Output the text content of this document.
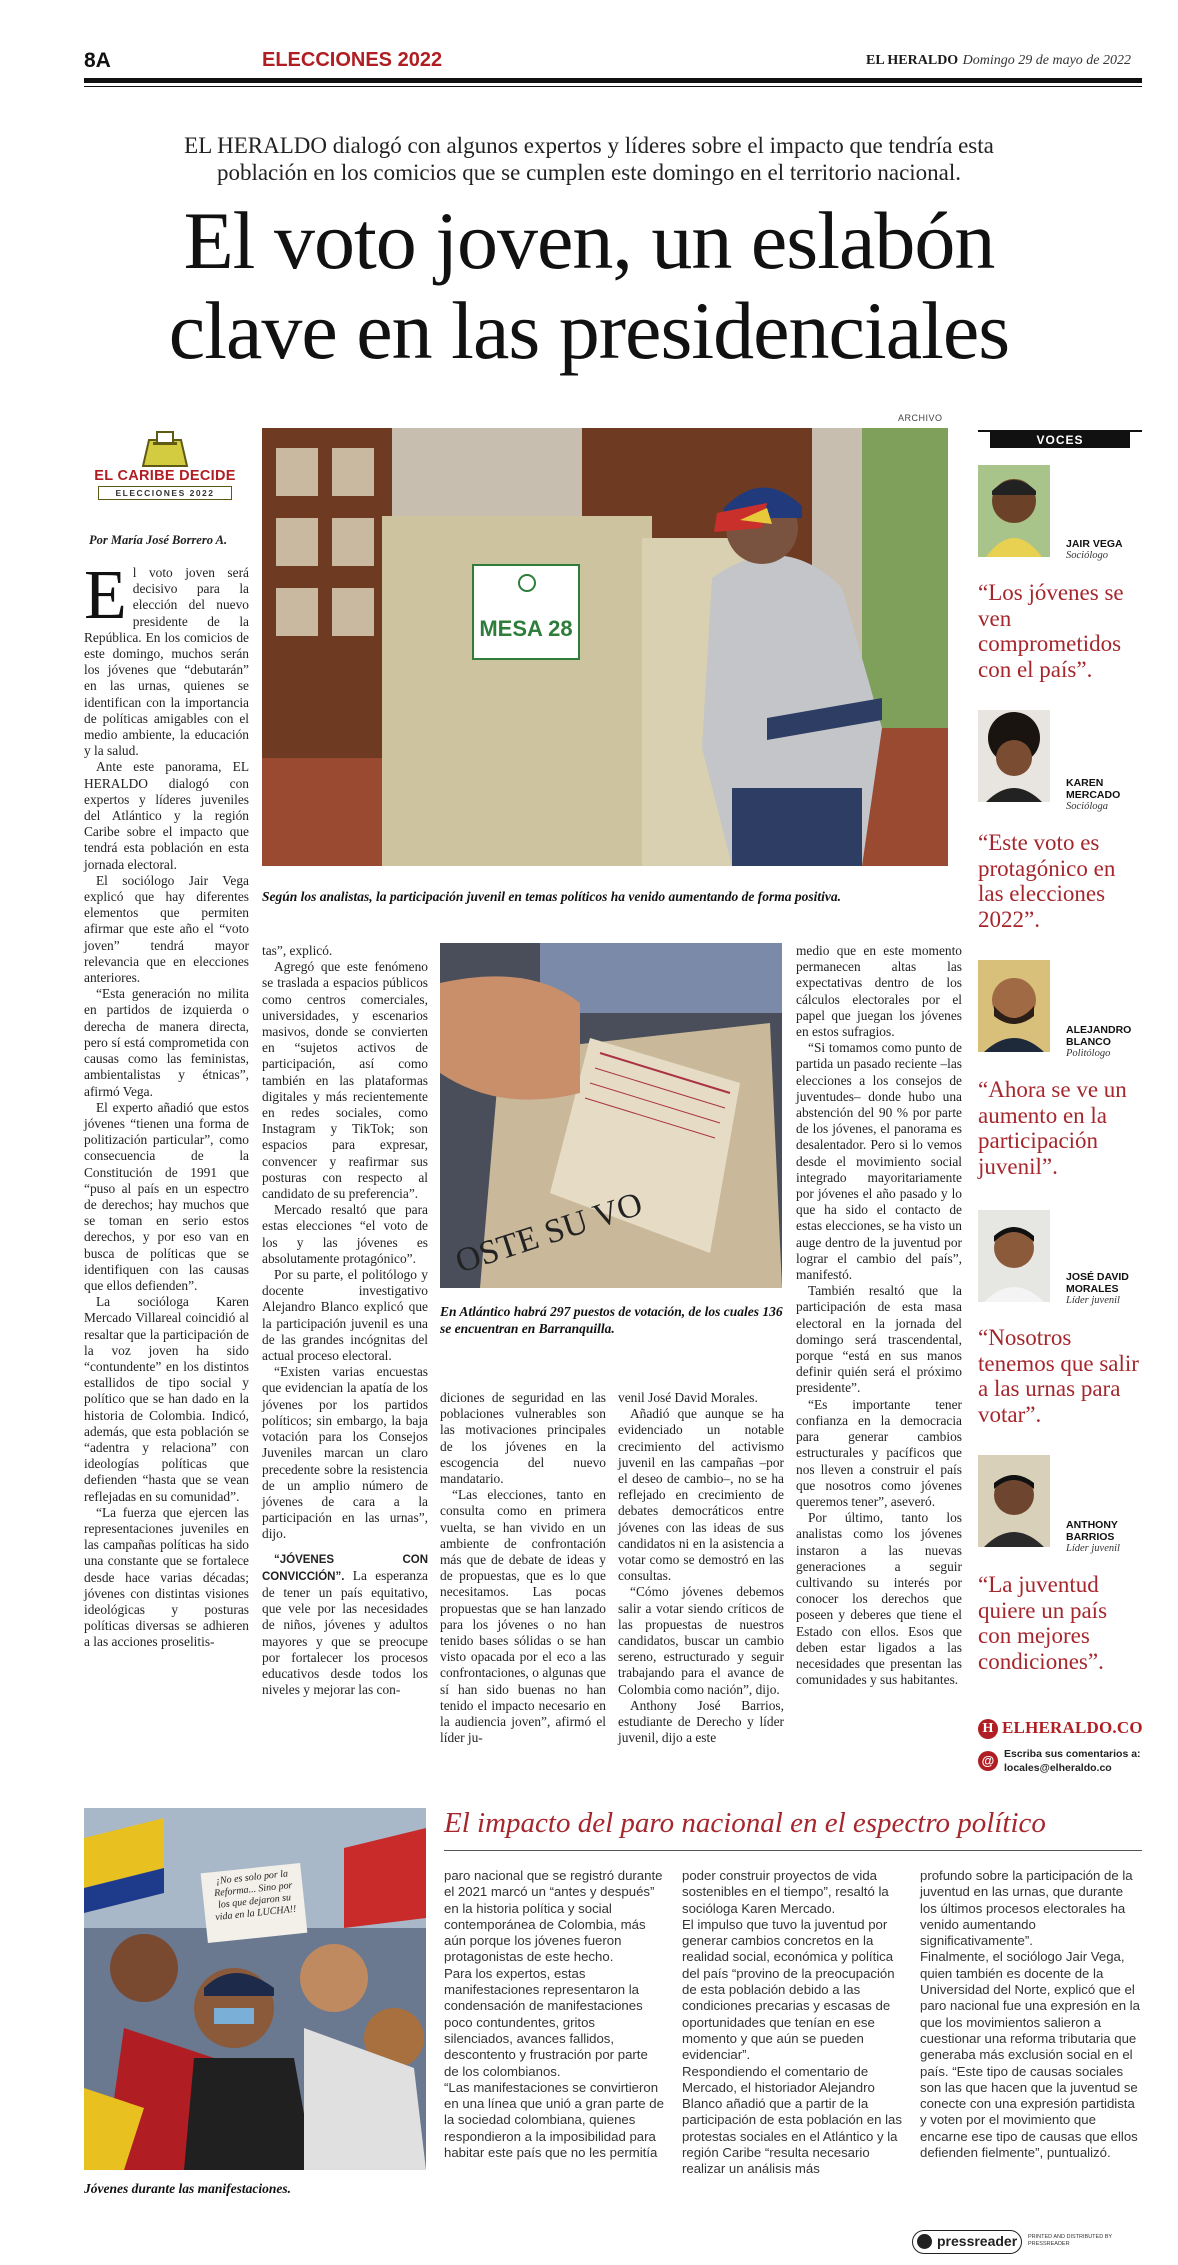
8A	ELECCIONES 2022	EL HERALDO Domingo 29 de mayo de 2022
EL HERALDO dialogó con algunos expertos y líderes sobre el impacto que tendría esta población en los comicios que se cumplen este domingo en el territorio nacional.
El voto joven, un eslabón
clave en las presidenciales
EL CARIBE DECIDE
ELECCIONES 2022
Por María José Borrero A.
ARCHIVO
MESA 28
Según los analistas, la participación juvenil en temas políticos ha venido aumentando de forma positiva.
OSTE SU VO
En Atlántico habrá 297 puestos de votación, de los cuales 136 se encuentran en Barranquilla.
E l voto joven será decisivo para la elección del nuevo presidente de la República. En los comicios de este domingo, muchos serán los jóvenes que “debutarán” en las urnas, quienes se identifican con la importancia de políticas amigables con el medio ambiente, la educación y la salud.

Ante este panorama, EL HERALDO dialogó con expertos y líderes juveniles del Atlántico y la región Caribe sobre el impacto que tendrá esta población en esta jornada electoral.

El sociólogo Jair Vega explicó que hay diferentes elementos que permiten afirmar que este año el “voto joven” tendrá mayor relevancia que en elecciones anteriores.

“Esta generación no milita en partidos de izquierda o derecha de manera directa, pero sí está comprometida con causas como las feministas, ambientalistas y étnicas”, afirmó Vega.

El experto añadió que estos jóvenes “tienen una forma de politización particular”, como consecuencia de la Constitución de 1991 que “puso al país en un espectro de derechos; hay muchos que se toman en serio estos derechos, y por eso van en busca de políticas que se identifiquen con las causas que ellos defienden”.

La socióloga Karen Mercado Villareal coincidió al resaltar que la participación de la voz joven ha sido “contundente” en los distintos estallidos de tipo social y político que se han dado en la historia de Colombia. Indicó, además, que esta población se “adentra y relaciona” con ideologías políticas que defienden “hasta que se vean reflejadas en su comunidad”.

“La fuerza que ejercen las representaciones juveniles en las campañas políticas ha sido una constante que se fortalece desde hace varias décadas; jóvenes con distintas visiones ideológicas y posturas políticas diversas se adhieren a las acciones proselitis-

tas”, explicó.

Agregó que este fenómeno se traslada a espacios públicos como centros comerciales, universidades, y escenarios masivos, donde se convierten en “sujetos activos de participación, así como también en las plataformas digitales y más recientemente en redes sociales, como Instagram y TikTok; son espacios para expresar, convencer y reafirmar sus posturas con respecto al candidato de su preferencia”.

Mercado resaltó que para estas elecciones “el voto de los y las jóvenes es absolutamente protagónico”.

Por su parte, el politólogo y docente investigativo Alejandro Blanco explicó que la participación juvenil es una de las grandes incógnitas del actual proceso electoral.

“Existen varias encuestas que evidencian la apatía de los jóvenes por los partidos políticos; sin embargo, la baja votación para los Consejos Juveniles marcan un claro precedente sobre la resistencia de un amplio número de jóvenes de cara a la participación en las urnas”, dijo.

“JÓVENES CON CONVICCIÓN”. La esperanza de tener un país equitativo, que vele por las necesidades de niños, jóvenes y adultos mayores y que se preocupe por fortalecer los procesos educativos desde todos los niveles y mejorar las con-

diciones de seguridad en las poblaciones vulnerables son las motivaciones principales de los jóvenes en la escogencia del nuevo mandatario.

“Las elecciones, tanto en consulta como en primera vuelta, se han vivido en un ambiente de confrontación más que de debate de ideas y de propuestas, que es lo que necesitamos. Las pocas propuestas que se han lanzado para los jóvenes o no han tenido bases sólidas o se han visto opacada por el eco a las confrontaciones, o algunas que sí han sido buenas no han tenido el impacto necesario en la audiencia joven”, afirmó el líder ju-

venil José David Morales.

Añadió que aunque se ha evidenciado un notable crecimiento del activismo juvenil en las campañas –por el deseo de cambio–, no se ha reflejado en crecimiento de debates democráticos entre jóvenes con las ideas de sus candidatos ni en la asistencia a votar como se demostró en las consultas.

“Cómo jóvenes debemos salir a votar siendo críticos de las propuestas de nuestros candidatos, buscar un cambio sereno, estructurado y seguir trabajando para el avance de Colombia como nación”, dijo.

Anthony José Barrios, estudiante de Derecho y líder juvenil, dijo a este

medio que en este momento permanecen altas las expectativas dentro de los cálculos electorales por el papel que juegan los jóvenes en estos sufragios.

“Si tomamos como punto de partida un pasado reciente –las elecciones a los consejos de juventudes– donde hubo una abstención del 90 % por parte de los jóvenes, el panorama es desalentador. Pero si lo vemos desde el movimiento social integrado mayoritariamente por jóvenes el año pasado y lo que ha sido el contacto de estas elecciones, se ha visto un auge dentro de la juventud por lograr el cambio del país”, manifestó.

También resaltó que la participación de esta masa electoral en la jornada del domingo será trascendental, porque “está en sus manos definir quién será el próximo presidente”.

“Es importante tener confianza en la democracia para generar cambios estructurales y pacíficos que nos lleven a construir el país que nosotros como jóvenes queremos tener”, aseveró.

Por último, tanto los analistas como los jóvenes instaron a las nuevas generaciones a seguir cultivando su interés por conocer los derechos que poseen y deberes que tiene el Estado con ellos. Esos que deben estar ligados a las necesidades que presentan las comunidades y sus habitantes.

VOCES
JAIR VEGA
Sociólogo
“Los jóvenes se ven comprometidos con el país”.
KAREN MERCADO
Socióloga
“Este voto es protagónico en las elecciones 2022”.
ALEJANDRO BLANCO
Politólogo
“Ahora se ve un aumento en la participación juvenil”.
JOSÉ DAVID MORALES
Líder juvenil
“Nosotros tenemos que salir a las urnas para votar”.
ANTHONY BARRIOS
Líder juvenil
“La juventud quiere un país con mejores condiciones”.
H ELHERALDO.CO
@ Escriba sus comentarios a:
locales@elheraldo.co
¡No es solo por la Reforma... Sino por los que dejaron su vida en la LUCHA!!
Jóvenes durante las manifestaciones.
El impacto del paro nacional en el espectro político

paro nacional que se registró durante el 2021 marcó un “antes y después” en la historia política y social contemporánea de Colombia, más aún porque los jóvenes fueron protagonistas de este hecho.

Para los expertos, estas manifestaciones representaron la condensación de manifestaciones poco contundentes, gritos silenciados, avances fallidos, descontento y frustración por parte de los colombianos.

“Las manifestaciones se convirtieron en una línea que unió a gran parte de la sociedad colombiana, quienes respondieron a la imposibilidad para habitar este país que no les permitía

poder construir proyectos de vida sostenibles en el tiempo”, resaltó la socióloga Karen Mercado.

El impulso que tuvo la juventud por generar cambios concretos en la realidad social, económica y política del país “provino de la preocupación de esta población debido a las condiciones precarias y escasas de oportunidades que tenían en ese momento y que aún se pueden evidenciar”.

Respondiendo el comentario de Mercado, el historiador Alejandro Blanco añadió que a partir de la participación de esta población en las protestas sociales en el Atlántico y la región Caribe “resulta necesario realizar un análisis más

profundo sobre la participación de la juventud en las urnas, que durante los últimos procesos electorales ha venido aumentando significativamente”.

Finalmente, el sociólogo Jair Vega, quien también es docente de la Universidad del Norte, explicó que el paro nacional fue una expresión en la que los movimientos salieron a cuestionar una reforma tributaria que generaba más exclusión social en el país. “Este tipo de causas sociales son las que hacen que la juventud se conecte con una expresión partidista y voten por el movimiento que encarne ese tipo de causas que ellos defienden fielmente”, puntualizó.

pressreader PRINTED AND DISTRIBUTED BY PRESSREADER
